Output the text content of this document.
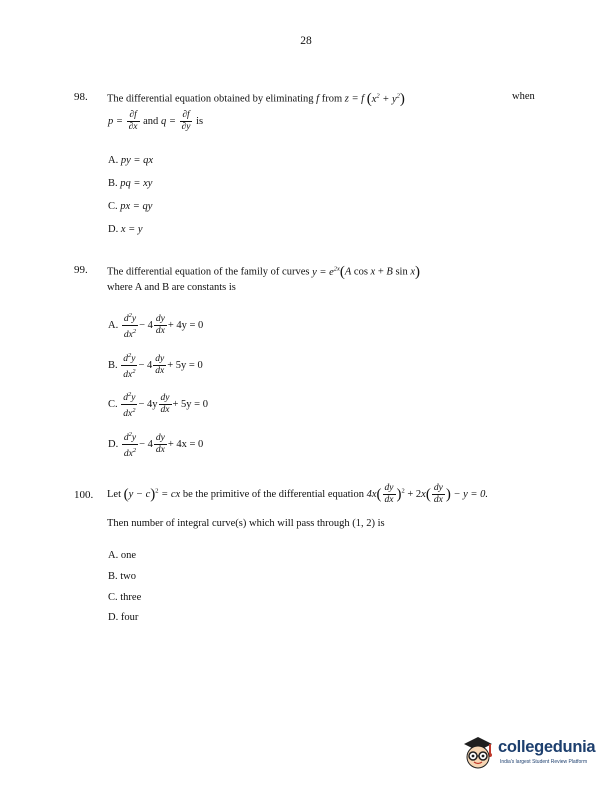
28
98. The differential equation obtained by eliminating f from z = f $(x^2 + y^2)$	when
$p = \frac{\partial f}{\partial x}$ and $q = \frac{\partial f}{\partial y}$ is
A. py = qx
B. pq = xy
C. px = qy
D. x = y
99. The differential equation of the family of curves $y = e^{2x}(A$ cos x + B sin x)
where A and B are constants is
A. $\frac{d^2y}{dx^2} - 4 \frac{dy}{dx} + 4y = 0$
B. $\frac{d^2y}{dx^2} - 4 \frac{dy}{dx} + 5y = 0$
C. $\frac{d^2y}{dx^2} - 4y \frac{dy}{dx} + 5y = 0$
D. $\frac{d^2y}{dx^2} - 4 \frac{dy}{dx} + 4x = 0$
100. Let $(y - c)^2$ = cx be the primitive of the differential equation $4x( \frac{dy}{dx} )^2 + 2x( \frac{dy}{dx}$ ) − y = 0.
Then number of integral curve(s) which will pass through (1, 2) is
A. one
B. two
C. three
D. four
collegedunia
India's largest Student Review Platform
